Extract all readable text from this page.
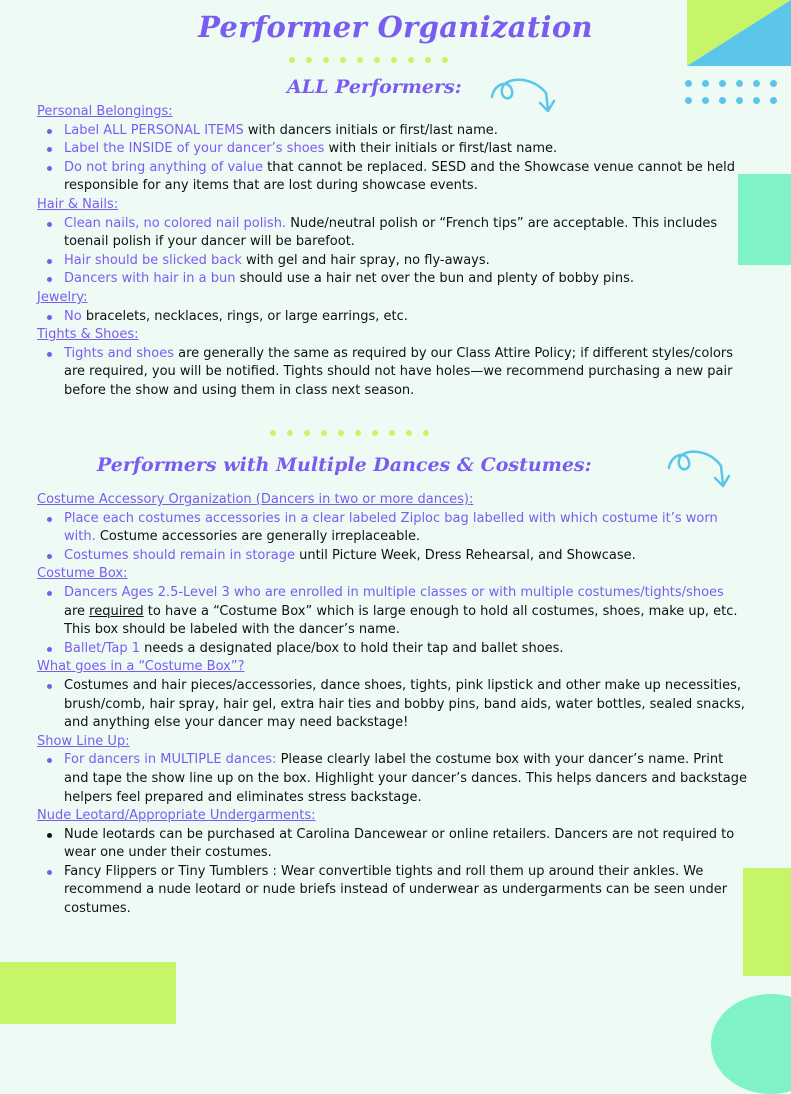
Performer Organization
ALL Performers:
Personal Belongings:
Label ALL PERSONAL ITEMS with dancers initials or first/last name.
Label the INSIDE of your dancer’s shoes with their initials or first/last name.
Do not bring anything of value that cannot be replaced. SESD and the Showcase venue cannot be held responsible for any items that are lost during showcase events.
Hair & Nails:
Clean nails, no colored nail polish. Nude/neutral polish or “French tips” are acceptable. This includes toenail polish if your dancer will be barefoot.
Hair should be slicked back with gel and hair spray, no fly-aways.
Dancers with hair in a bun should use a hair net over the bun and plenty of bobby pins.
Jewelry:
No bracelets, necklaces, rings, or large earrings, etc.
Tights & Shoes:
Tights and shoes are generally the same as required by our Class Attire Policy; if different styles/colors are required, you will be notified. Tights should not have holes—we recommend purchasing a new pair before the show and using them in class next season.
Performers with Multiple Dances & Costumes:
Costume Accessory Organization (Dancers in two or more dances):
Place each costumes accessories in a clear labeled Ziploc bag labelled with which costume it’s worn with. Costume accessories are generally irreplaceable.
Costumes should remain in storage until Picture Week, Dress Rehearsal, and Showcase.
Costume Box:
Dancers Ages 2.5-Level 3 who are enrolled in multiple classes or with multiple costumes/tights/shoes are required to have a “Costume Box” which is large enough to hold all costumes, shoes, make up, etc. This box should be labeled with the dancer’s name.
Ballet/Tap 1 needs a designated place/box to hold their tap and ballet shoes.
What goes in a “Costume Box”?
Costumes and hair pieces/accessories, dance shoes, tights, pink lipstick and other make up necessities, brush/comb, hair spray, hair gel, extra hair ties and bobby pins, band aids, water bottles, sealed snacks, and anything else your dancer may need backstage!
Show Line Up:
For dancers in MULTIPLE dances: Please clearly label the costume box with your dancer’s name. Print and tape the show line up on the box. Highlight your dancer’s dances. This helps dancers and backstage helpers feel prepared and eliminates stress backstage.
Nude Leotard/Appropriate Undergarments:
Nude leotards can be purchased at Carolina Dancewear or online retailers. Dancers are not required to wear one under their costumes.
Fancy Flippers or Tiny Tumblers : Wear convertible tights and roll them up around their ankles. We recommend a nude leotard or nude briefs instead of underwear as undergarments can be seen under costumes.
